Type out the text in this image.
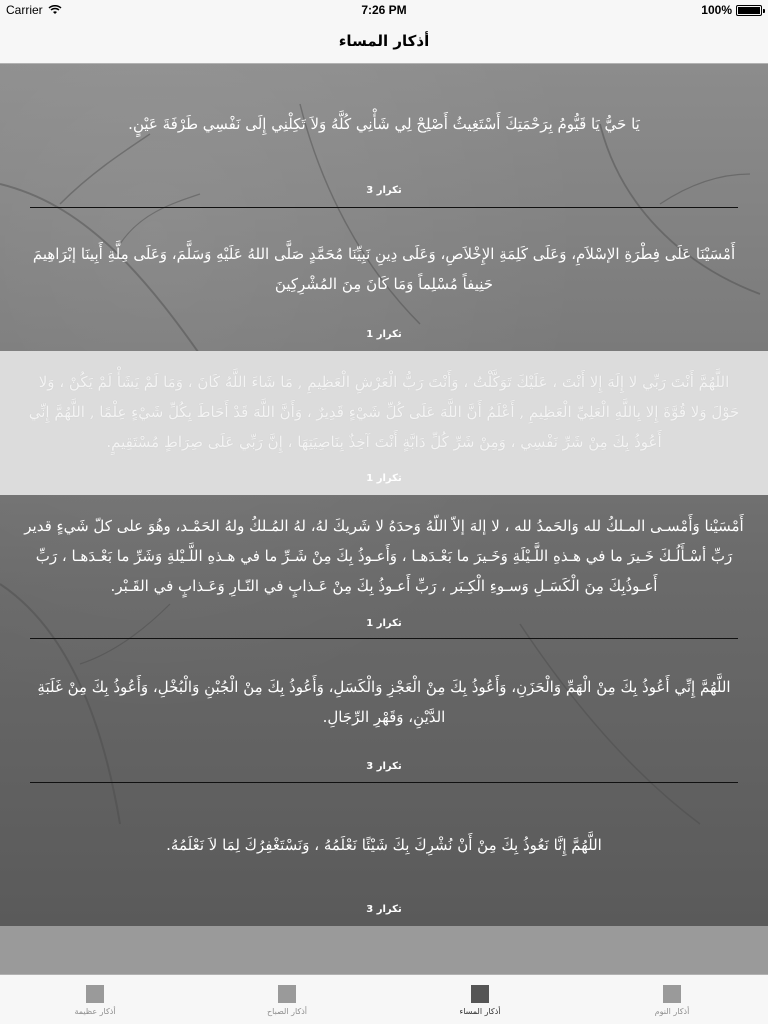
Carrier	7:26 PM	100%
أذكار المساء
يَا حَيُّ يَا قَيُّومُ بِرَحْمَتِكَ أَسْتَغِيثُ أَصْلِحْ لِي شَأْنِي كُلَّهُ وَلاَ تَكِلْنِي إِلَى نَفْسِي طَرْفَةَ عَيْنٍ.
تكرار 3
أَمْسَيْنَا عَلَى فِطْرَةِ الإسْلاَمِ، وَعَلَى كَلِمَةِ الإِخْلاَصِ، وَعَلَى دِينِ نَبِيِّنَا مُحَمَّدٍ صَلَّى اللهُ عَلَيْهِ وَسَلَّمَ، وَعَلَى مِلَّةِ أَبِينَا إبْرَاهِيمَ حَنِيفاً مُسْلِماً وَمَا كَانَ مِنَ المُشْرِكِينَ
تكرار 1
اللَّهُمَّ أَنْتَ رَبِّي لا إِلَهَ إِلا أَنْتَ ، عَلَيْكَ تَوَكَّلْتُ ، وَأَنْتَ رَبُّ الْعَرْشِ الْعَظِيمِ , مَا شَاءَ اللَّهُ كَانَ ، وَمَا لَمْ يَشَأْ لَمْ يَكُنْ ، وَلا حَوْلَ وَلا قُوَّةَ إِلا بِاللَّهِ الْعَلِيِّ الْعَظِيمِ , أَعْلَمُ أَنَّ اللَّهَ عَلَى كُلِّ شَيْءٍ قَدِيرٌ ، وَأَنَّ اللَّهَ قَدْ أَحَاطَ بِكُلِّ شَيْءٍ عِلْمًا , اللَّهُمَّ إِنِّي أَعُوذُ بِكَ مِنْ شَرِّ نَفْسِي ، وَمِنْ شَرِّ كُلِّ دَابَّةٍ أَنْتَ آخِذٌ بِنَاصِيَتِهَا ، إِنَّ رَبِّي عَلَى صِرَاطٍ مُسْتَقِيمٍ.
تكرار 1
أَمْسَيْنا وَأَمْسـى المـلكُ لله وَالحَمدُ لله ، لا إلهَ إلاّ اللّهُ وَحدَهُ لا شَريكَ لهُ، لهُ المُـلكُ ولهُ الحَمْـد، وهُوَ على كلّ شَيءٍ قدير رَبِّ أسْـأَلُـكَ خَـيرَ ما في هـذهِ اللَّـيْلَةِ وَخَـيرَ ما بَعْـدَهـا ، وَأَعـوذُ بِكَ مِنْ شَـرِّ ما في هـذهِ اللَّـيْلةِ وَشَرِّ ما بَعْـدَهـا ، رَبِّ أَعـوذُبِكَ مِنَ الْكَسَـلِ وَسـوءِ الْكِـبَر ، رَبِّ أَعـوذُ بِكَ مِنْ عَـذابٍ في النّـارِ وَعَـذابٍ في القَـبْر.
تكرار 1
اللَّهُمَّ إِنِّي أَعُوذُ بِكَ مِنْ الْهَمِّ وَالْحَزَنِ، وَأَعُوذُ بِكَ مِنْ الْعَجْزِ وَالْكَسَلِ، وَأَعُوذُ بِكَ مِنْ الْجُبْنِ وَالْبُخْلِ، وَأَعُوذُ بِكَ مِنْ غَلَبَةِ الدَّيْنِ، وَقَهْرِ الرِّجَالِ.
تكرار 3
اللَّهُمَّ إِنَّا نَعُوذُ بِكَ مِنْ أَنْ نُشْرِكَ بِكَ شَيْئًا نَعْلَمُهُ ، وَنَسْتَغْفِرُكَ لِمَا لاَ نَعْلَمُهُ.
تكرار 3
أذكار عظيمة	أذكار الصباح	أذكار المساء	أذكار النوم
